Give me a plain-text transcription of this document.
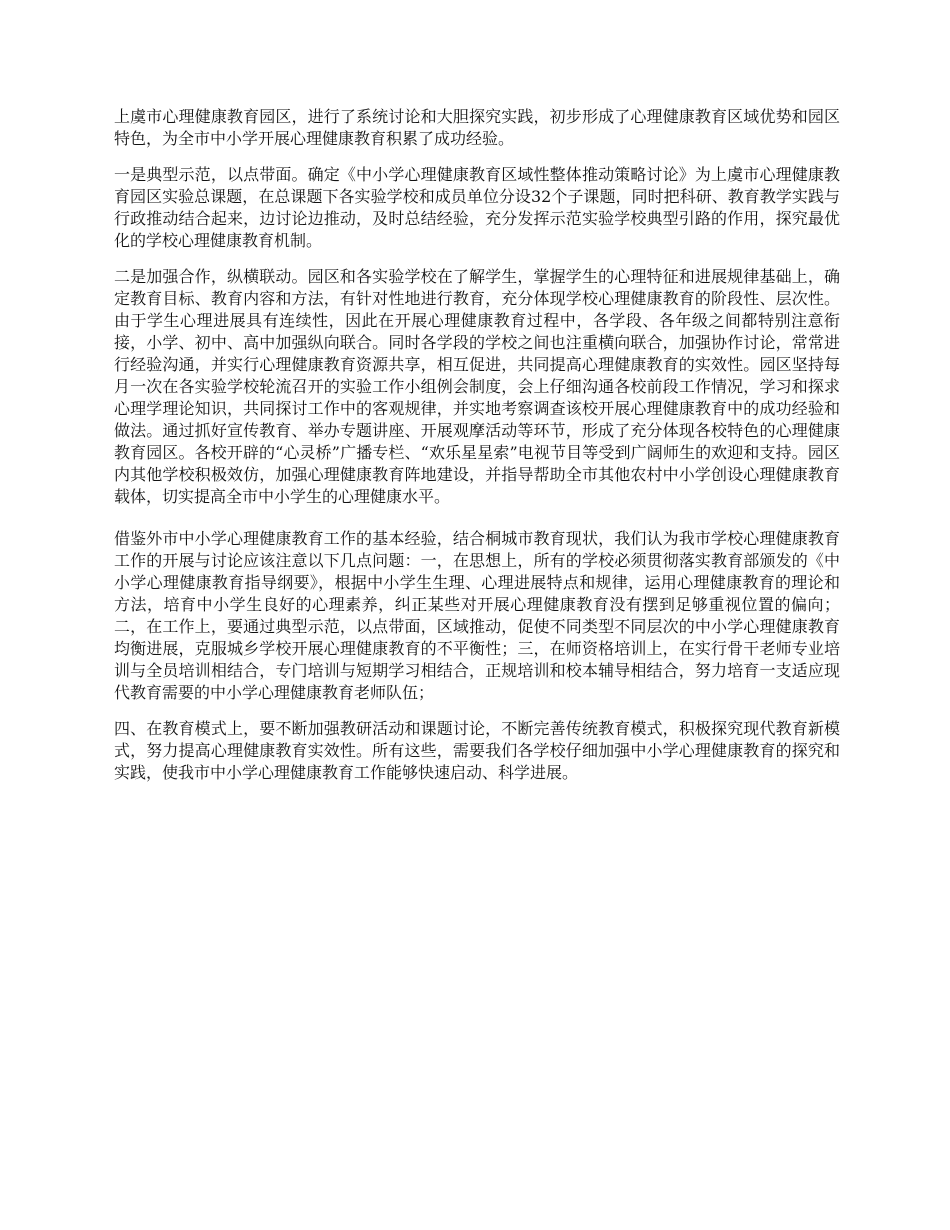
上虞市心理健康教育园区，进行了系统讨论和大胆探究实践，初步形成了心理健康教育区域优势和园区特色，为全市中小学开展心理健康教育积累了成功经验。

一是典型示范，以点带面。确定《中小学心理健康教育区域性整体推动策略讨论》为上虞市心理健康教育园区实验总课题，在总课题下各实验学校和成员单位分设32个子课题，同时把科研、教育教学实践与行政推动结合起来，边讨论边推动，及时总结经验，充分发挥示范实验学校典型引路的作用，探究最优化的学校心理健康教育机制。

二是加强合作，纵横联动。园区和各实验学校在了解学生，掌握学生的心理特征和进展规律基础上，确定教育目标、教育内容和方法，有针对性地进行教育，充分体现学校心理健康教育的阶段性、层次性。由于学生心理进展具有连续性，因此在开展心理健康教育过程中，各学段、各年级之间都特别注意衔接，小学、初中、高中加强纵向联合。同时各学段的学校之间也注重横向联合，加强协作讨论，常常进行经验沟通，并实行心理健康教育资源共享，相互促进，共同提高心理健康教育的实效性。园区坚持每月一次在各实验学校轮流召开的实验工作小组例会制度，会上仔细沟通各校前段工作情况，学习和探求心理学理论知识，共同探讨工作中的客观规律，并实地考察调查该校开展心理健康教育中的成功经验和做法。通过抓好宣传教育、举办专题讲座、开展观摩活动等环节，形成了充分体现各校特色的心理健康教育园区。各校开辟的“心灵桥”广播专栏、“欢乐星星索”电视节目等受到广阔师生的欢迎和支持。园区内其他学校积极效仿，加强心理健康教育阵地建设，并指导帮助全市其他农村中小学创设心理健康教育载体，切实提高全市中小学生的心理健康水平。

借鉴外市中小学心理健康教育工作的基本经验，结合桐城市教育现状，我们认为我市学校心理健康教育工作的开展与讨论应该注意以下几点问题：一，在思想上，所有的学校必须贯彻落实教育部颁发的《中小学心理健康教育指导纲要》，根据中小学生生理、心理进展特点和规律，运用心理健康教育的理论和方法，培育中小学生良好的心理素养，纠正某些对开展心理健康教育没有摆到足够重视位置的偏向；二，在工作上，要通过典型示范，以点带面，区域推动，促使不同类型不同层次的中小学心理健康教育均衡进展，克服城乡学校开展心理健康教育的不平衡性；三，在师资格培训上，在实行骨干老师专业培训与全员培训相结合，专门培训与短期学习相结合，正规培训和校本辅导相结合，努力培育一支适应现代教育需要的中小学心理健康教育老师队伍；

四、在教育模式上，要不断加强教研活动和课题讨论，不断完善传统教育模式，积极探究现代教育新模式，努力提高心理健康教育实效性。所有这些，需要我们各学校仔细加强中小学心理健康教育的探究和实践，使我市中小学心理健康教育工作能够快速启动、科学进展。
